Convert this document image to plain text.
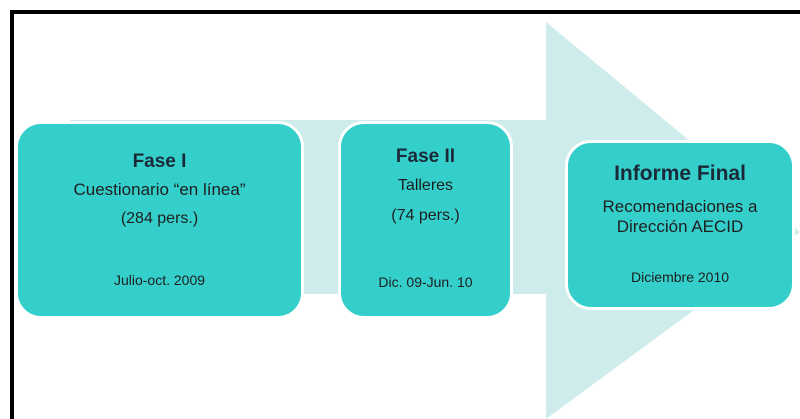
Fase I
Cuestionario “en línea”
(284 pers.)
Julio-oct. 2009
Fase II
Talleres
(74 pers.)
Dic. 09-Jun. 10
Informe Final
Recomendaciones a
Dirección AECID
Diciembre 2010
